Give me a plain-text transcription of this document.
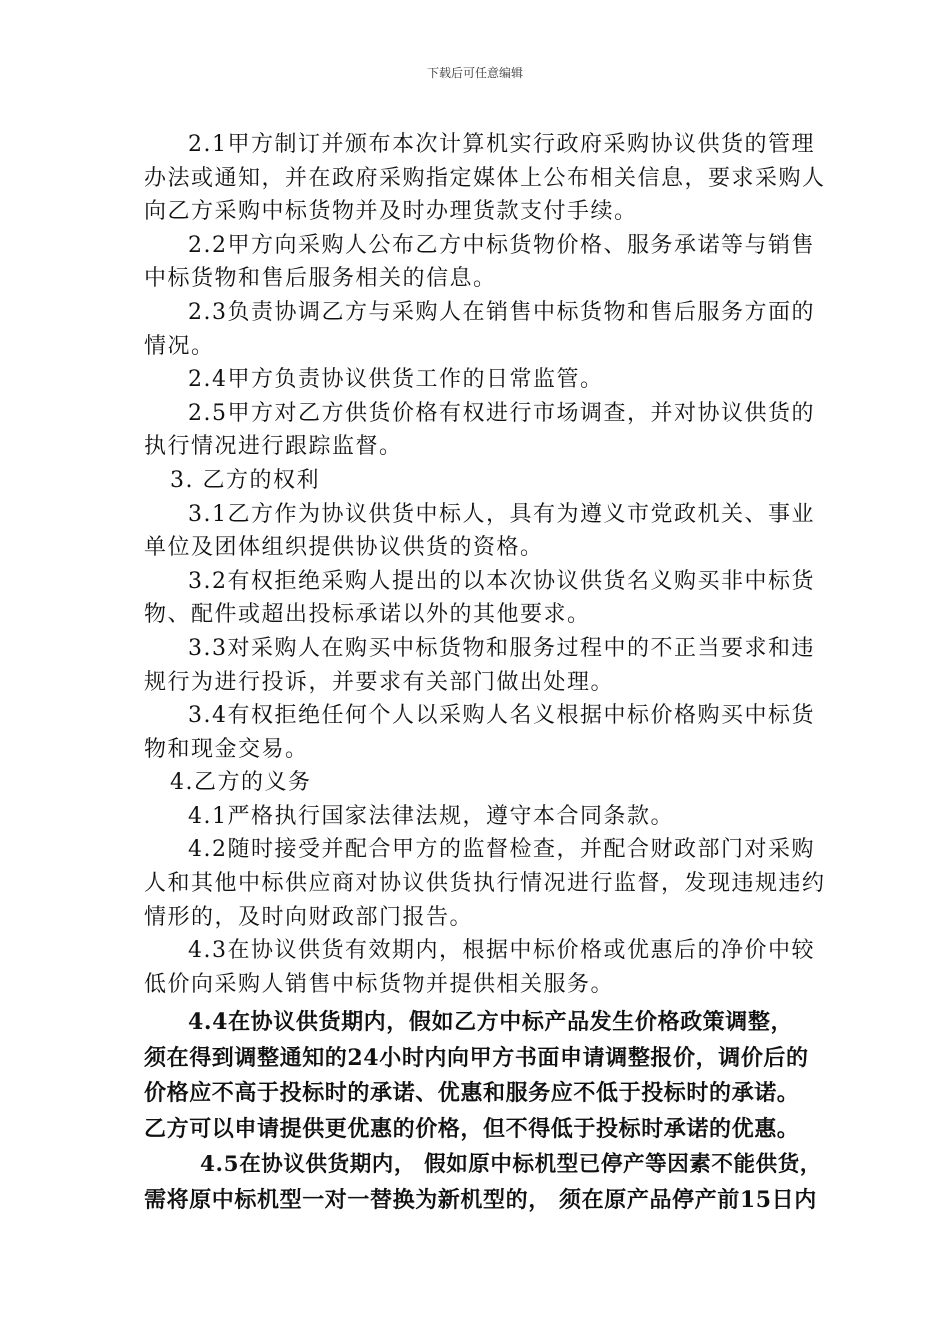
下载后可任意编辑

2.1甲方制订并颁布本次计算机实行政府采购协议供货的管理

办法或通知，并在政府采购指定媒体上公布相关信息，要求采购人

向乙方采购中标货物并及时办理货款支付手续。

2.2甲方向采购人公布乙方中标货物价格、服务承诺等与销售

中标货物和售后服务相关的信息。

2.3负责协调乙方与采购人在销售中标货物和售后服务方面的

情况。

2.4甲方负责协议供货工作的日常监管。

2.5甲方对乙方供货价格有权进行市场调查，并对协议供货的

执行情况进行跟踪监督。

3. 乙方的权利

3.1乙方作为协议供货中标人，具有为遵义市党政机关、事业

单位及团体组织提供协议供货的资格。

3.2有权拒绝采购人提出的以本次协议供货名义购买非中标货

物、配件或超出投标承诺以外的其他要求。

3.3对采购人在购买中标货物和服务过程中的不正当要求和违

规行为进行投诉，并要求有关部门做出处理。

3.4有权拒绝任何个人以采购人名义根据中标价格购买中标货

物和现金交易。

4.乙方的义务

4.1严格执行国家法律法规，遵守本合同条款。

4.2随时接受并配合甲方的监督检查，并配合财政部门对采购

人和其他中标供应商对协议供货执行情况进行监督，发现违规违约

情形的，及时向财政部门报告。

4.3在协议供货有效期内，根据中标价格或优惠后的净价中较

低价向采购人销售中标货物并提供相关服务。

4.4在协议供货期内，假如乙方中标产品发生价格政策调整，

须在得到调整通知的24小时内向甲方书面申请调整报价，调价后的

价格应不高于投标时的承诺、优惠和服务应不低于投标时的承诺。

乙方可以申请提供更优惠的价格，但不得低于投标时承诺的优惠。

4.5在协议供货期内， 假如原中标机型已停产等因素不能供货，

需将原中标机型一对一替换为新机型的， 须在原产品停产前15日内
